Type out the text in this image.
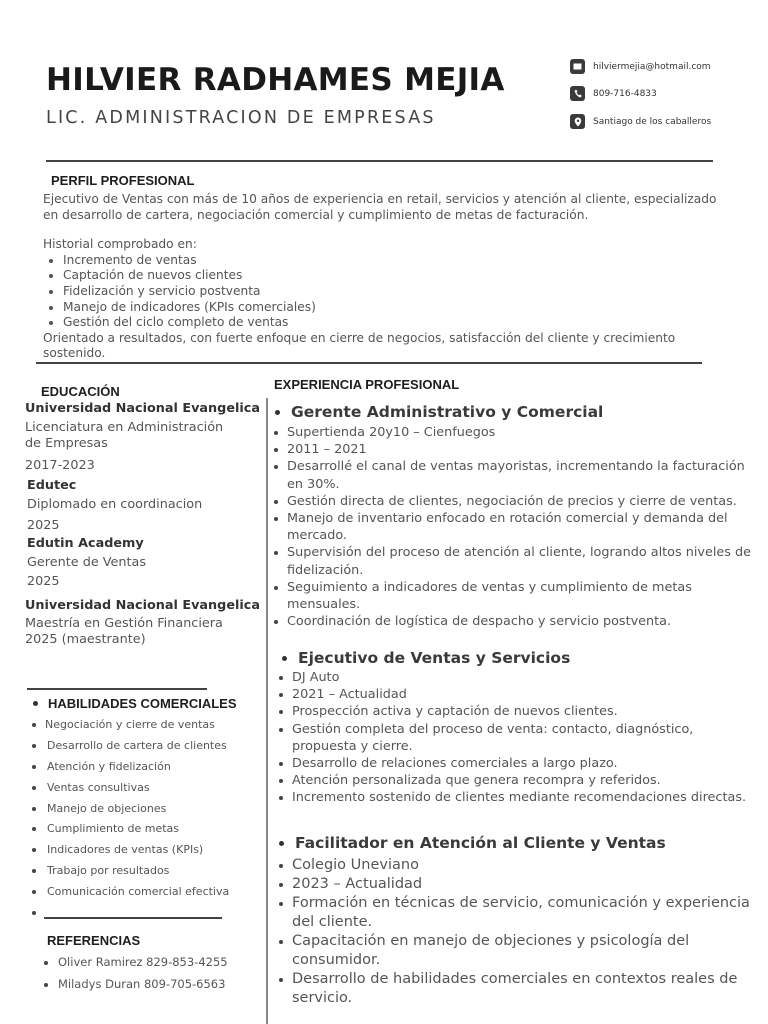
HILVIER RADHAMES MEJIA
LIC. ADMINISTRACION DE EMPRESAS
hilviermejia@hotmail.com
809-716-4833
Santiago de los caballeros
PERFIL PROFESIONAL

Ejecutivo de Ventas con más de 10 años de experiencia en retail, servicios y atención al cliente, especializado en desarrollo de cartera, negociación comercial y cumplimiento de metas de facturación.

Historial comprobado en:

• Incremento de ventas
• Captación de nuevos clientes
• Fidelización y servicio postventa
• Manejo de indicadores (KPIs comerciales)
• Gestión del ciclo completo de ventas

Orientado a resultados, con fuerte enfoque en cierre de negocios, satisfacción del cliente y crecimiento sostenido.

EDUCACIÓN
Universidad Nacional Evangelica
Licenciatura en Administración de Empresas
2017-2023
Edutec
Diplomado en coordinacion
2025
Edutin Academy
Gerente de Ventas
2025
Universidad Nacional Evangelica
Maestría en Gestión Financiera
2025 (maestrante)
HABILIDADES COMERCIALES
Negociación y cierre de ventas
Desarrollo de cartera de clientes
Atención y fidelización
Ventas consultivas
Manejo de objeciones
Cumplimiento de metas
Indicadores de ventas (KPIs)
Trabajo por resultados
Comunicación comercial efectiva
REFERENCIAS
Oliver Ramirez 829-853-4255
Miladys Duran 809-705-6563
EXPERIENCIA PROFESIONAL
Gerente Administrativo y Comercial
Supertienda 20y10 – Cienfuegos
2011 – 2021
Desarrollé el canal de ventas mayoristas, incrementando la facturación en 30%.
Gestión directa de clientes, negociación de precios y cierre de ventas.
Manejo de inventario enfocado en rotación comercial y demanda del mercado.
Supervisión del proceso de atención al cliente, logrando altos niveles de fidelización.
Seguimiento a indicadores de ventas y cumplimiento de metas mensuales.
Coordinación de logística de despacho y servicio postventa.
Ejecutivo de Ventas y Servicios
DJ Auto
2021 – Actualidad
Prospección activa y captación de nuevos clientes.
Gestión completa del proceso de venta: contacto, diagnóstico, propuesta y cierre.
Desarrollo de relaciones comerciales a largo plazo.
Atención personalizada que genera recompra y referidos.
Incremento sostenido de clientes mediante recomendaciones directas.
Facilitador en Atención al Cliente y Ventas
Colegio Uneviano
2023 – Actualidad
Formación en técnicas de servicio, comunicación y experiencia del cliente.
Capacitación en manejo de objeciones y psicología del consumidor.
Desarrollo de habilidades comerciales en contextos reales de servicio.
